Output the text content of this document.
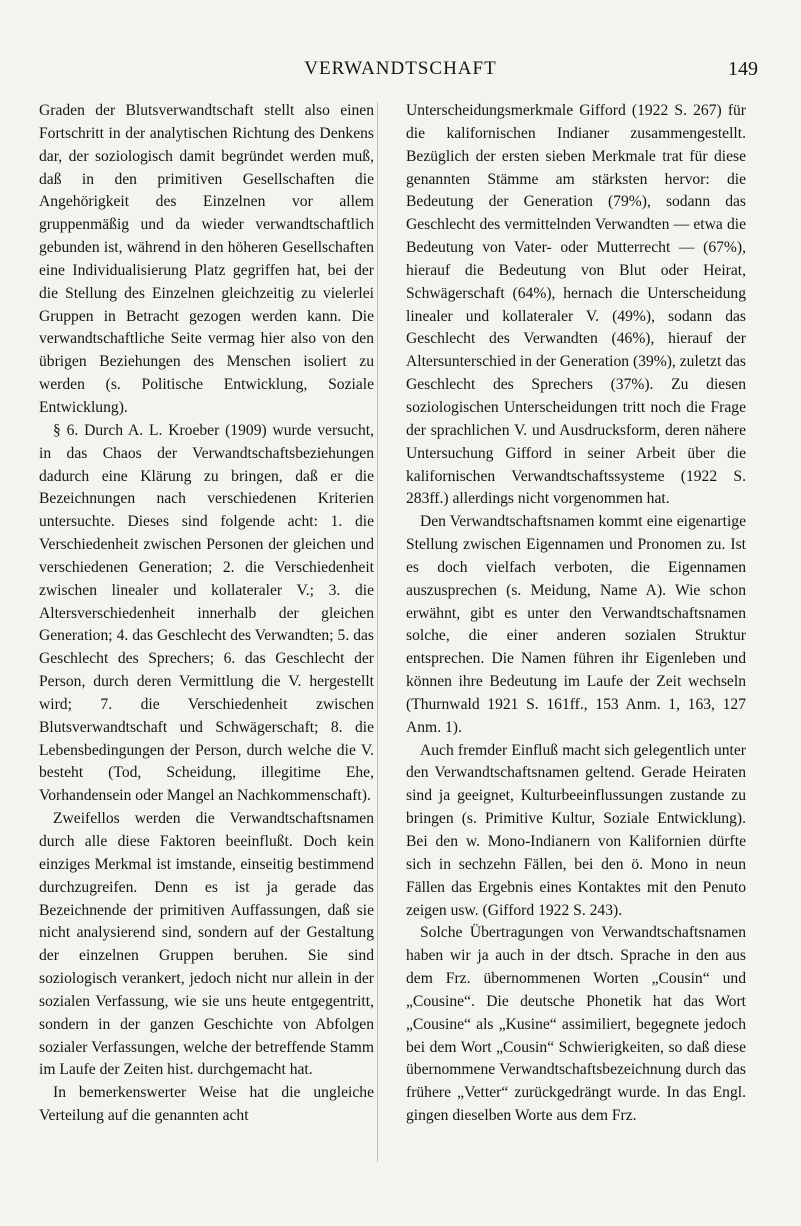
VERWANDTSCHAFT	149

Graden der Blutsverwandtschaft stellt also einen Fortschritt in der analytischen Richtung des Denkens dar, der soziologisch damit begründet werden muß, daß in den primitiven Gesellschaften die Angehörigkeit des Einzelnen vor allem gruppenmäßig und da wieder verwandtschaftlich gebunden ist, während in den höheren Gesellschaften eine Individualisierung Platz gegriffen hat, bei der die Stellung des Einzelnen gleichzeitig zu vielerlei Gruppen in Betracht gezogen werden kann. Die verwandtschaftliche Seite vermag hier also von den übrigen Beziehungen des Menschen isoliert zu werden (s. Politische Entwicklung, Soziale Entwicklung).

§ 6. Durch A. L. Kroeber (1909) wurde versucht, in das Chaos der Verwandtschaftsbeziehungen dadurch eine Klärung zu bringen, daß er die Bezeichnungen nach verschiedenen Kriterien untersuchte. Dieses sind folgende acht: 1. die Verschiedenheit zwischen Personen der gleichen und verschiedenen Generation; 2. die Verschiedenheit zwischen linealer und kollateraler V.; 3. die Altersverschiedenheit innerhalb der gleichen Generation; 4. das Geschlecht des Verwandten; 5. das Geschlecht des Sprechers; 6. das Geschlecht der Person, durch deren Vermittlung die V. hergestellt wird; 7. die Verschiedenheit zwischen Blutsverwandtschaft und Schwägerschaft; 8. die Lebensbedingungen der Person, durch welche die V. besteht (Tod, Scheidung, illegitime Ehe, Vorhandensein oder Mangel an Nachkommenschaft).

Zweifellos werden die Verwandtschaftsnamen durch alle diese Faktoren beeinflußt. Doch kein einziges Merkmal ist imstande, einseitig bestimmend durchzugreifen. Denn es ist ja gerade das Bezeichnende der primitiven Auffassungen, daß sie nicht analysierend sind, sondern auf der Gestaltung der einzelnen Gruppen beruhen. Sie sind soziologisch verankert, jedoch nicht nur allein in der sozialen Verfassung, wie sie uns heute entgegentritt, sondern in der ganzen Geschichte von Abfolgen sozialer Verfassungen, welche der betreffende Stamm im Laufe der Zeiten hist. durchgemacht hat.

In bemerkenswerter Weise hat die ungleiche Verteilung auf die genannten acht

Unterscheidungsmerkmale Gifford (1922 S. 267) für die kalifornischen Indianer zusammengestellt. Bezüglich der ersten sieben Merkmale trat für diese genannten Stämme am stärksten hervor: die Bedeutung der Generation (79%), sodann das Geschlecht des vermittelnden Verwandten — etwa die Bedeutung von Vater- oder Mutterrecht — (67%), hierauf die Bedeutung von Blut oder Heirat, Schwägerschaft (64%), hernach die Unterscheidung linealer und kollateraler V. (49%), sodann das Geschlecht des Verwandten (46%), hierauf der Altersunterschied in der Generation (39%), zuletzt das Geschlecht des Sprechers (37%). Zu diesen soziologischen Unterscheidungen tritt noch die Frage der sprachlichen V. und Ausdrucksform, deren nähere Untersuchung Gifford in seiner Arbeit über die kalifornischen Verwandtschaftssysteme (1922 S. 283ff.) allerdings nicht vorgenommen hat.

Den Verwandtschaftsnamen kommt eine eigenartige Stellung zwischen Eigennamen und Pronomen zu. Ist es doch vielfach verboten, die Eigennamen auszusprechen (s. Meidung, Name A). Wie schon erwähnt, gibt es unter den Verwandtschaftsnamen solche, die einer anderen sozialen Struktur entsprechen. Die Namen führen ihr Eigenleben und können ihre Bedeutung im Laufe der Zeit wechseln (Thurnwald 1921 S. 161ff., 153 Anm. 1, 163, 127 Anm. 1).

Auch fremder Einfluß macht sich gelegentlich unter den Verwandtschaftsnamen geltend. Gerade Heiraten sind ja geeignet, Kulturbeeinflussungen zustande zu bringen (s. Primitive Kultur, Soziale Entwicklung). Bei den w. Mono-Indianern von Kalifornien dürfte sich in sechzehn Fällen, bei den ö. Mono in neun Fällen das Ergebnis eines Kontaktes mit den Penuto zeigen usw. (Gifford 1922 S. 243).

Solche Übertragungen von Verwandtschaftsnamen haben wir ja auch in der dtsch. Sprache in den aus dem Frz. übernommenen Worten „Cousin“ und „Cousine“. Die deutsche Phonetik hat das Wort „Cousine“ als „Kusine“ assimiliert, begegnete jedoch bei dem Wort „Cousin“ Schwierigkeiten, so daß diese übernommene Verwandtschaftsbezeichnung durch das frühere „Vetter“ zurückgedrängt wurde. In das Engl. gingen dieselben Worte aus dem Frz.
